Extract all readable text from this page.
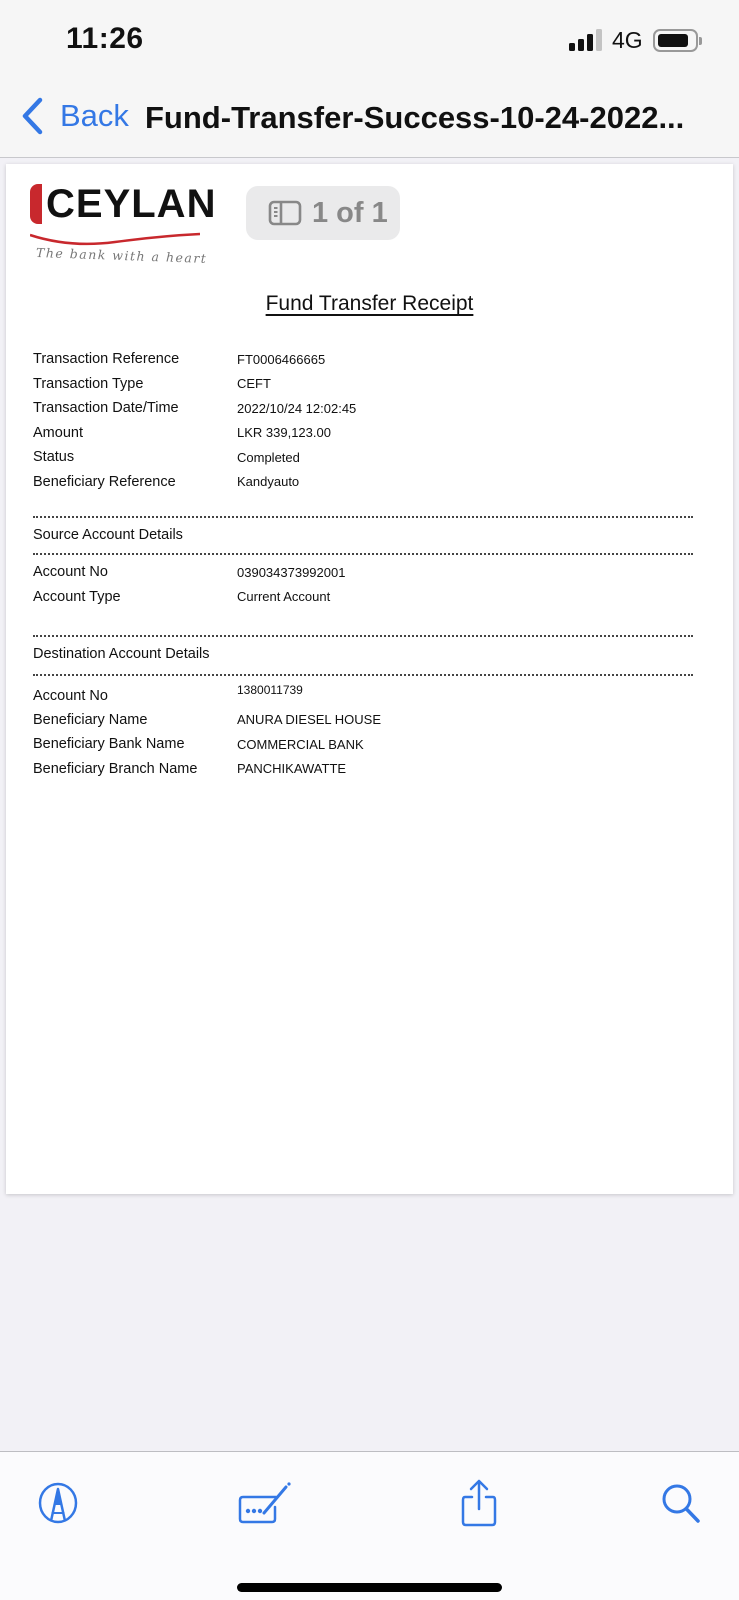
11:26	4G
Back Fund-Transfer-Success-10-24-2022...
CEYLAN
The bank with a heart
1 of 1
Fund Transfer Receipt
Transaction Reference	FT0006466665
Transaction Type	CEFT
Transaction Date/Time	2022/10/24 12:02:45
Amount	LKR 339,123.00
Status	Completed
Beneficiary Reference	Kandyauto
Source Account Details
Account No	039034373992001
Account Type	Current Account
Destination Account Details
Account No	1380011739
Beneficiary Name	ANURA DIESEL HOUSE
Beneficiary Bank Name	COMMERCIAL BANK
Beneficiary Branch Name	PANCHIKAWATTE
